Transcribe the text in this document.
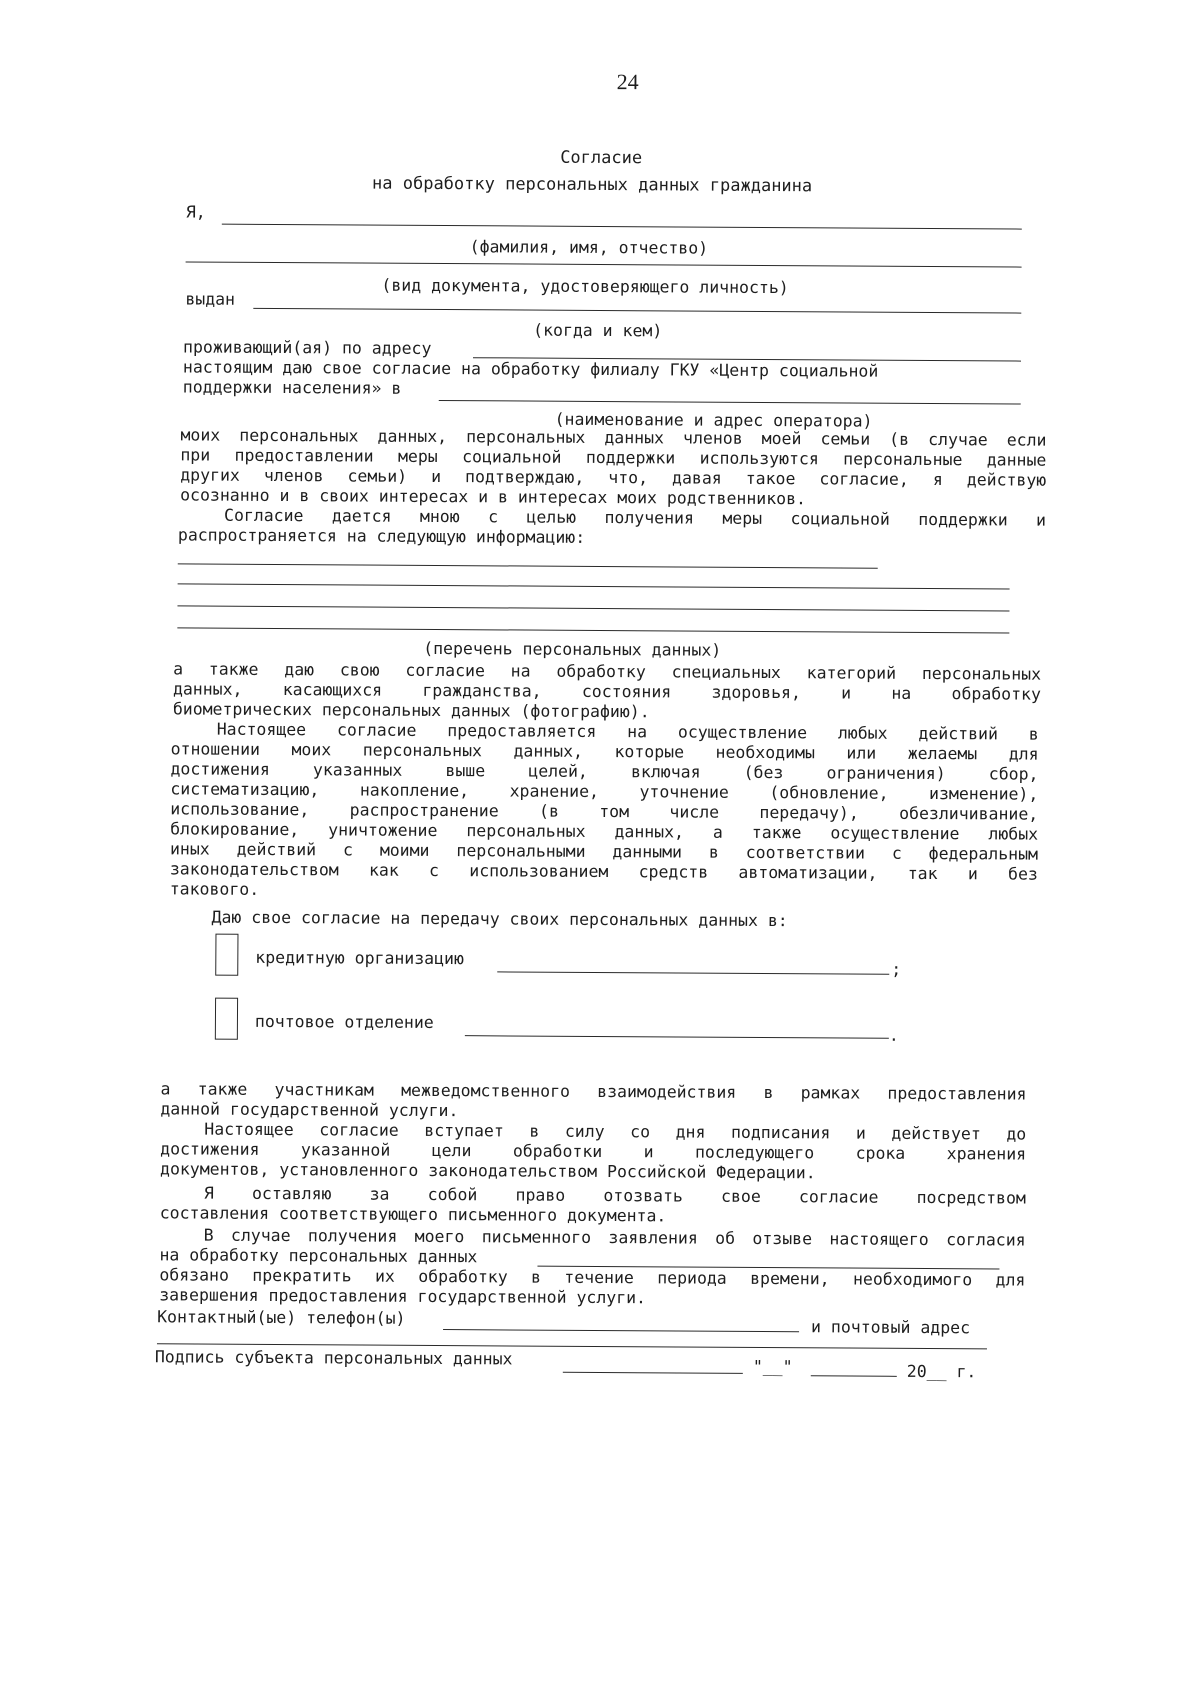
24
Согласие
на обработку персональных данных гражданина
Я,
(фамилия, имя, отчество)
(вид документа, удостоверяющего личность)
выдан
(когда и кем)
проживающий(ая) по адресу
настоящим даю свое согласие на обработку филиалу ГКУ «Центр социальной
поддержки населения» в
(наименование и адрес оператора)
моих персональных данных, персональных данных членов моей семьи (в случае если
при предоставлении меры социальной поддержки используются персональные данные
других членов семьи) и подтверждаю, что, давая такое согласие, я действую
осознанно и в своих интересах и в интересах моих родственников.
Согласие дается мною с целью получения меры социальной поддержки и
распространяется на следующую информацию:
(перечень персональных данных)
а также даю свою согласие на обработку специальных категорий персональных
данных, касающихся гражданства, состояния здоровья, и на обработку
биометрических персональных данных (фотографию).
Настоящее согласие предоставляется на осуществление любых действий в
отношении моих персональных данных, которые необходимы или желаемы для
достижения указанных выше целей, включая (без ограничения) сбор,
систематизацию, накопление, хранение, уточнение (обновление, изменение),
использование, распространение (в том числе передачу), обезличивание,
блокирование, уничтожение персональных данных, а также осуществление любых
иных действий с моими персональными данными в соответствии с федеральным
законодательством как с использованием средств автоматизации, так и без
такового.
Даю свое согласие на передачу своих персональных данных в:
кредитную организацию
;
почтовое отделение
.
а также участникам межведомственного взаимодействия в рамках предоставления
данной государственной услуги.
Настоящее согласие вступает в силу со дня подписания и действует до
достижения указанной цели обработки и последующего срока хранения
документов, установленного законодательством Российской Федерации.
Я оставляю за собой право отозвать свое согласие посредством
составления соответствующего письменного документа.
В случае получения моего письменного заявления об отзыве настоящего согласия
на обработку персональных данных
обязано прекратить их обработку в течение периода времени, необходимого для
завершения предоставления государственной услуги.
Контактный(ые) телефон(ы)	и почтовый адрес
Подпись субъекта персональных данных	"__"	20__ г.
